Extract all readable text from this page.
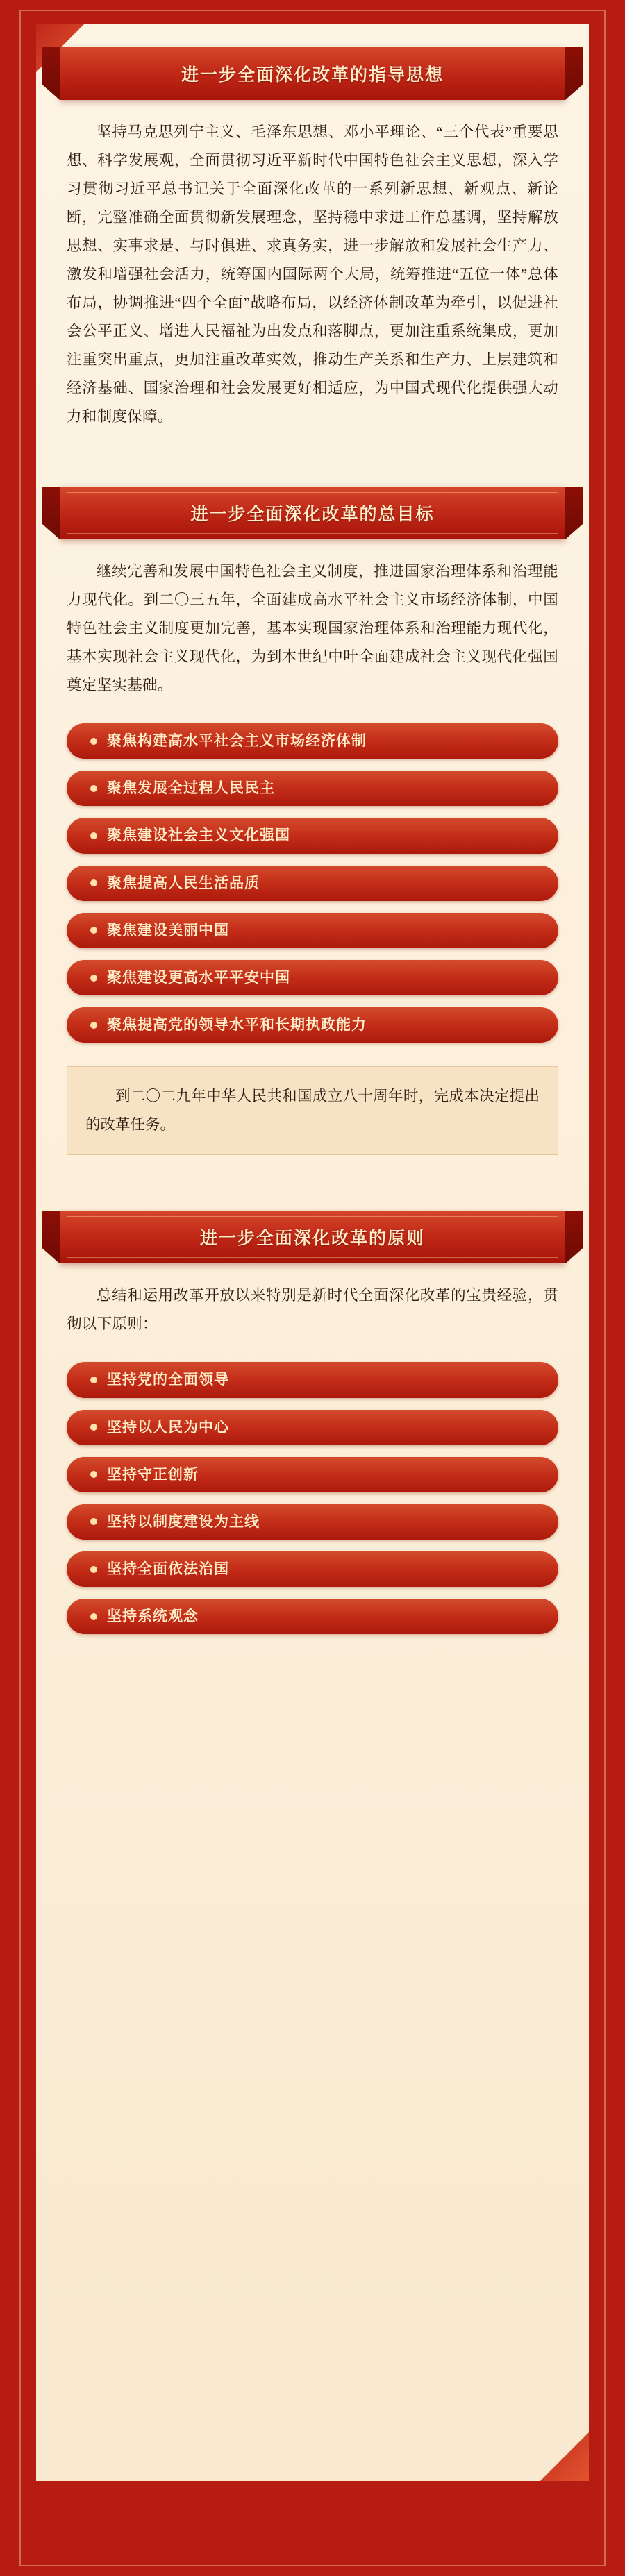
进一步全面深化改革的指导思想

坚持马克思列宁主义、毛泽东思想、邓小平理论、“三个代表”重要思想、科学发展观，全面贯彻习近平新时代中国特色社会主义思想，深入学习贯彻习近平总书记关于全面深化改革的一系列新思想、新观点、新论断，完整准确全面贯彻新发展理念，坚持稳中求进工作总基调，坚持解放思想、实事求是、与时俱进、求真务实，进一步解放和发展社会生产力、激发和增强社会活力，统筹国内国际两个大局，统筹推进“五位一体”总体布局，协调推进“四个全面”战略布局，以经济体制改革为牵引，以促进社会公平正义、增进人民福祉为出发点和落脚点，更加注重系统集成，更加注重突出重点，更加注重改革实效，推动生产关系和生产力、上层建筑和经济基础、国家治理和社会发展更好相适应，为中国式现代化提供强大动力和制度保障。

进一步全面深化改革的总目标

继续完善和发展中国特色社会主义制度，推进国家治理体系和治理能力现代化。到二〇三五年，全面建成高水平社会主义市场经济体制，中国特色社会主义制度更加完善，基本实现国家治理体系和治理能力现代化，基本实现社会主义现代化，为到本世纪中叶全面建成社会主义现代化强国奠定坚实基础。

聚焦构建高水平社会主义市场经济体制
聚焦发展全过程人民民主
聚焦建设社会主义文化强国
聚焦提高人民生活品质
聚焦建设美丽中国
聚焦建设更高水平平安中国
聚焦提高党的领导水平和长期执政能力
到二〇二九年中华人民共和国成立八十周年时，完成本决定提出的改革任务。
进一步全面深化改革的原则

总结和运用改革开放以来特别是新时代全面深化改革的宝贵经验，贯彻以下原则：

坚持党的全面领导
坚持以人民为中心
坚持守正创新
坚持以制度建设为主线
坚持全面依法治国
坚持系统观念
